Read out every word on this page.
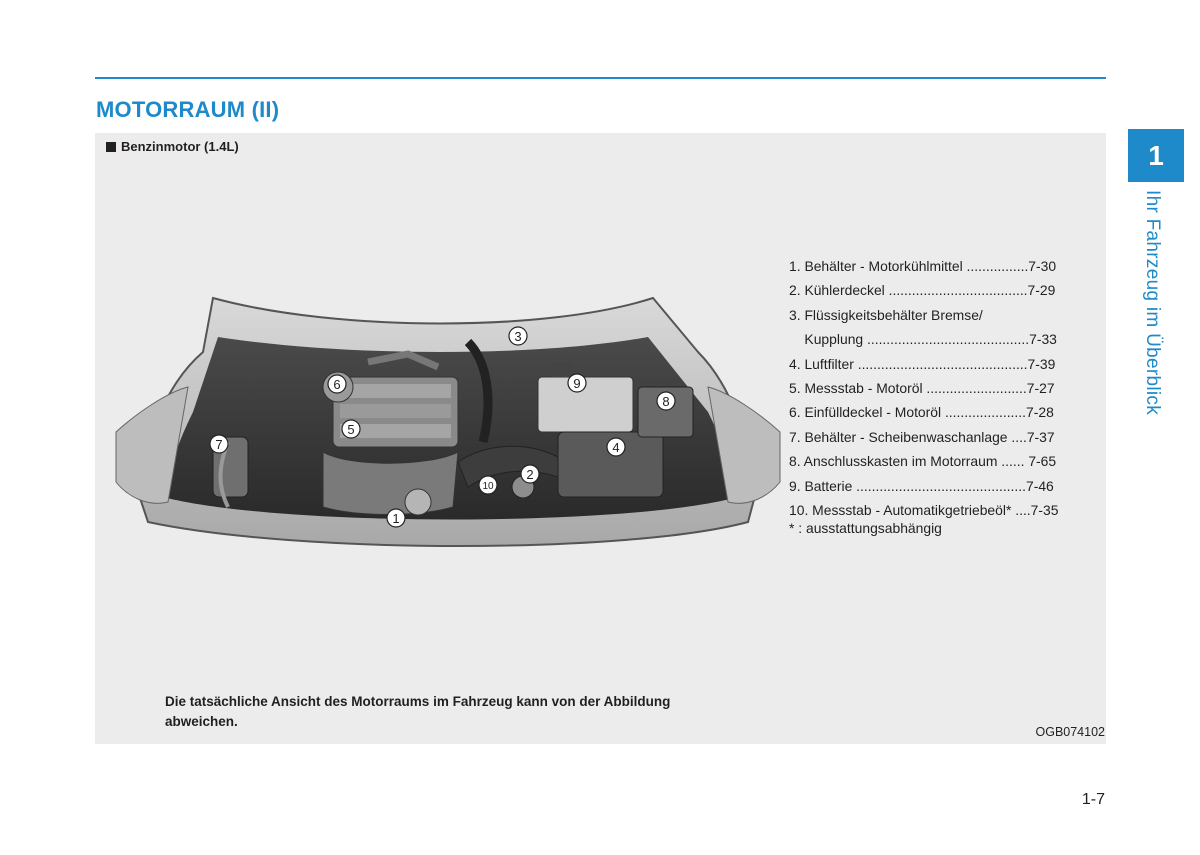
MOTORRAUM (II)
Benzinmotor (1.4L)
1
2
3
4
5
6
7
8
9
10
1. Behälter - Motorkühlmittel ................7-30
2. Kühlerdeckel ....................................7-29
3. Flüssigkeitsbehälter Bremse/
Kupplung ..........................................7-33
4. Luftfilter ............................................7-39
5. Messstab - Motoröl ..........................7-27
6. Einfülldeckel - Motoröl .....................7-28
7. Behälter - Scheibenwaschanlage ....7-37
8. Anschlusskasten im Motorraum ...... 7-65
9. Batterie ............................................7-46
10. Messstab - Automatikgetriebeöl* ....7-35
* : ausstattungsabhängig
Die tatsächliche Ansicht des Motorraums im Fahrzeug kann von der Abbildung abweichen.
OGB074102
1
Ihr Fahrzeug im Überblick
1-7
